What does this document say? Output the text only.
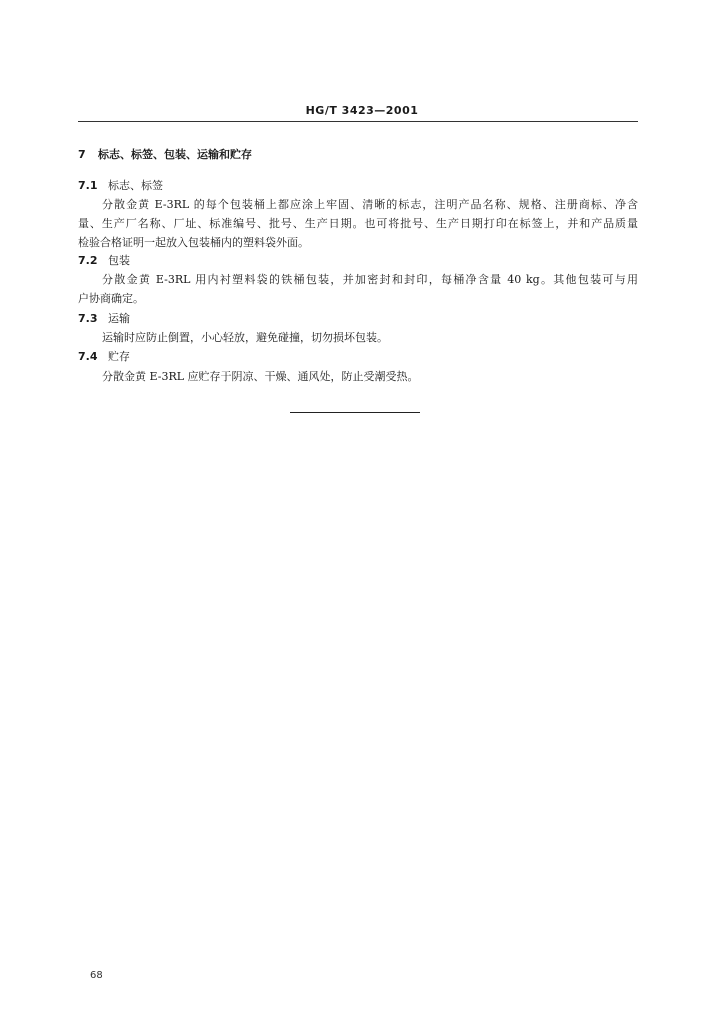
HG/T 3423—2001
7 标志、标签、包装、运输和贮存
7.1 标志、标签
分散金黄 E-3RL 的每个包装桶上都应涂上牢固、清晰的标志，注明产品名称、规格、注册商标、净含
量、生产厂名称、厂址、标准编号、批号、生产日期。也可将批号、生产日期打印在标签上，并和产品质量
检验合格证明一起放入包装桶内的塑料袋外面。
7.2 包装
分散金黄 E-3RL 用内衬塑料袋的铁桶包装，并加密封和封印，每桶净含量 40 kg。其他包装可与用
户协商确定。
7.3 运输
运输时应防止倒置，小心轻放，避免碰撞，切勿损坏包装。
7.4 贮存
分散金黄 E-3RL 应贮存于阴凉、干燥、通风处，防止受潮受热。
68
